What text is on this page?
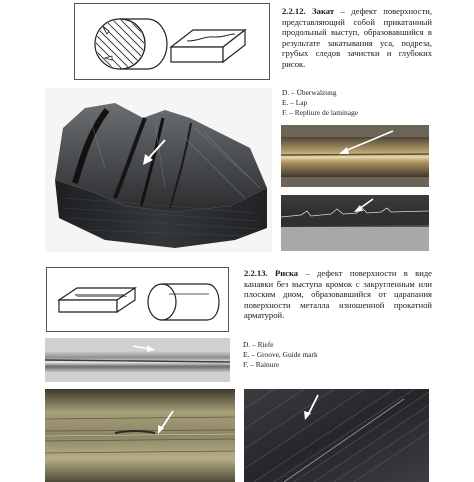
2.2.12. Закат – дефект поверхности, представляющий собой прикатанный продольный выступ, образовавшийся в результате закатывания уса, подреза, грубых следов зачистки и глубоких рисок.
D. – Überwalzung
E. – Lap
F. – Repliure de laminage
2.2.13. Риска – дефект поверхности в виде канавки без выступа кромок с закругленным или плоским дном, образовавшийся от царапания поверхности металла изношенной прокатной арматурой.
D. – Riefe
E. – Groove, Guide mark
F. – Rainure
